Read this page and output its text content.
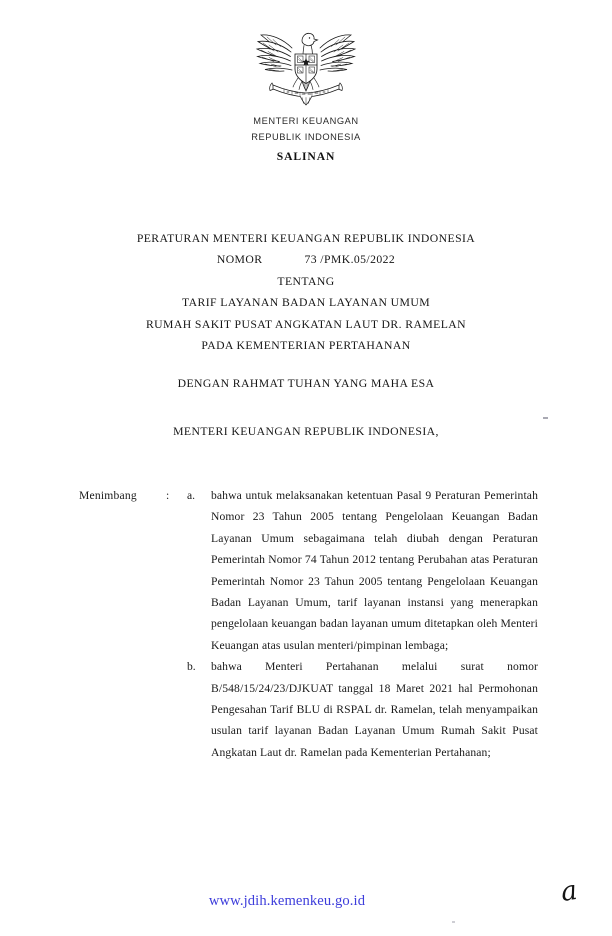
MENTERI KEUANGAN
REPUBLIK INDONESIA
SALINAN
PERATURAN MENTERI KEUANGAN REPUBLIK INDONESIA
NOMOR	73 /PMK.05/2022
TENTANG
TARIF LAYANAN BADAN LAYANAN UMUM
RUMAH SAKIT PUSAT ANGKATAN LAUT DR. RAMELAN
PADA KEMENTERIAN PERTAHANAN
DENGAN RAHMAT TUHAN YANG MAHA ESA
MENTERI KEUANGAN REPUBLIK INDONESIA,
Menimbang	:	a.	bahwa untuk melaksanakan ketentuan Pasal 9 Peraturan Pemerintah Nomor 23 Tahun 2005 tentang Pengelolaan Keuangan Badan Layanan Umum sebagaimana telah diubah dengan Peraturan Pemerintah Nomor 74 Tahun 2012 tentang Perubahan atas Peraturan Pemerintah Nomor 23 Tahun 2005 tentang Pengelolaan Keuangan Badan Layanan Umum, tarif layanan instansi yang menerapkan pengelolaan keuangan badan layanan umum ditetapkan oleh Menteri Keuangan atas usulan menteri/pimpinan lembaga;
b.	bahwa Menteri Pertahanan melalui surat nomor B/548/15/24/23/DJKUAT tanggal 18 Maret 2021 hal Permohonan Pengesahan Tarif BLU di RSPAL dr. Ramelan, telah menyampaikan usulan tarif layanan Badan Layanan Umum Rumah Sakit Pusat Angkatan Laut dr. Ramelan pada Kementerian Pertahanan;
www.jdih.kemenkeu.go.id	a
